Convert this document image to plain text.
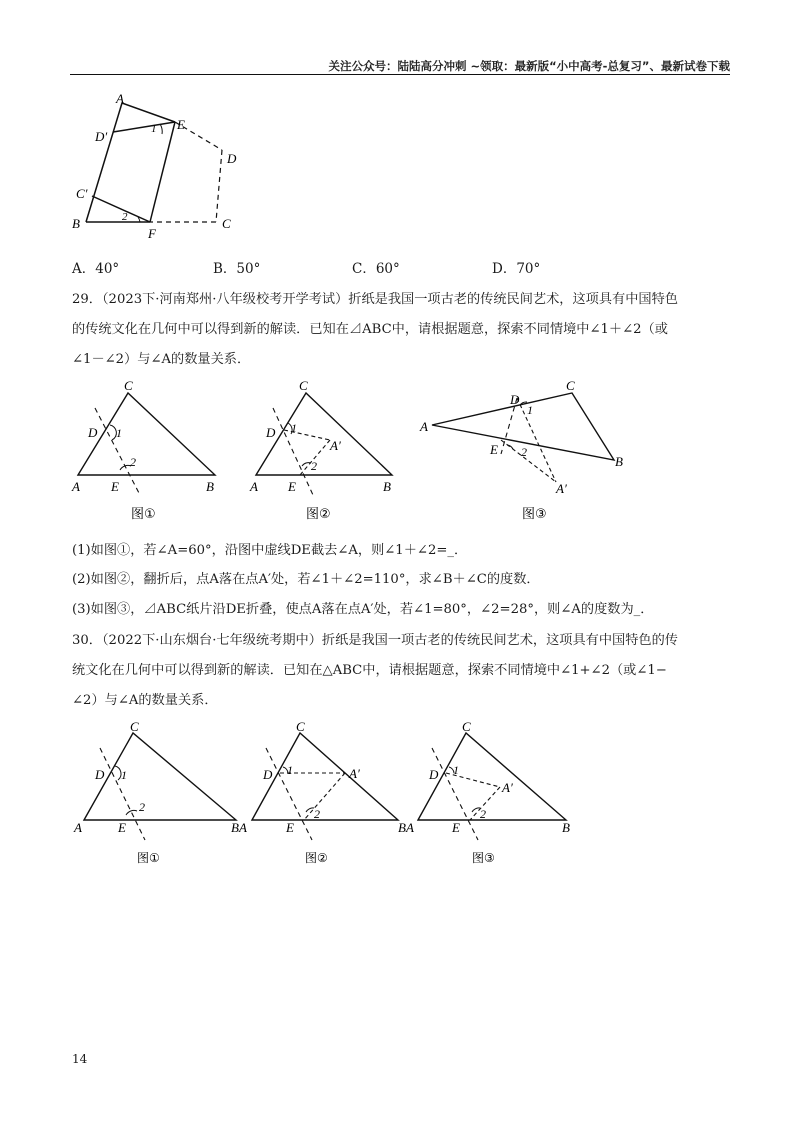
关注公众号：陆陆高分冲刺 ~领取：最新版“小中高考-总复习”、最新试卷下载
A
D′
E
D
C′
B
F
C
1
2
A．40°	B．50°	C．60°	D．70°
29．（2023下·河南郑州·八年级校考开学考试）折纸是我国一项古老的传统民间艺术，这项具有中国特色
的传统文化在几何中可以得到新的解读．已知在⊿ABC中，请根据题意，探索不同情境中∠1＋∠2（或
∠1－∠2）与∠A的数量关系．
C
D 1
2
A E	B
C
D 1
A′
2
A E	B
C
D
1
A
E 2
B
A′
图①	图②	图③
(1)如图①，若∠A=60°，沿图中虚线DE截去∠A，则∠1＋∠2=_．
(2)如图②，翻折后，点A落在点A′处，若∠1＋∠2=110°，求∠B＋∠C的度数．
(3)如图③，⊿ABC纸片沿DE折叠，使点A落在点A′处，若∠1=80°，∠2=28°，则∠A的度数为_．
30．（2022下·山东烟台·七年级统考期中）折纸是我国一项古老的传统民间艺术，这项具有中国特色的传
统文化在几何中可以得到新的解读．已知在△ABC中，请根据题意，探索不同情境中∠1+∠2（或∠1−
∠2）与∠A的数量关系．
C
D 1
2
A	E	BA
C
D 1	A′
2
E	BA
C
D 1
A′
2
E	B
图①	图②	图③
14
